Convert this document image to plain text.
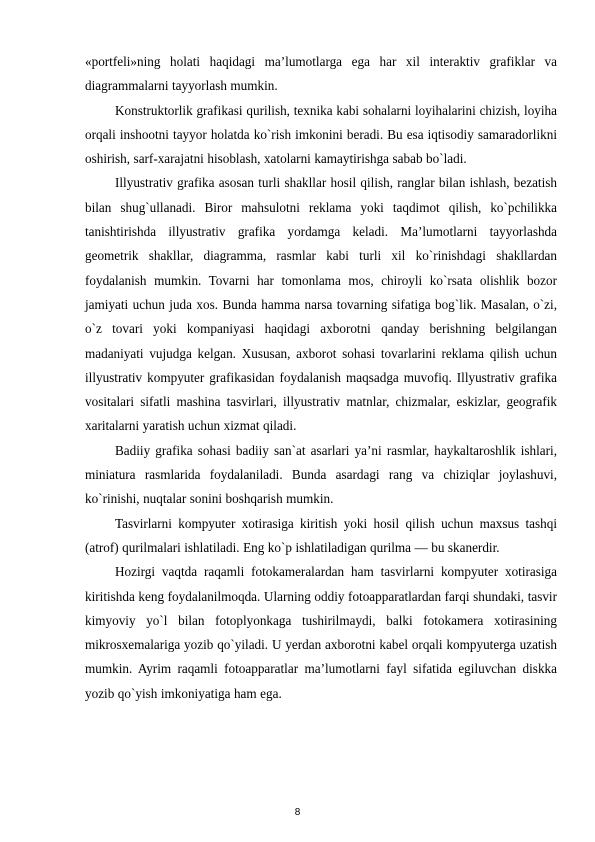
«portfeli»ning holati haqidagi ma’lumotlarga ega har xil interaktiv grafiklar va diagrammalarni tayyorlash mumkin.

Konstruktorlik grafikasi qurilish, texnika kabi sohalarni loyihalarini chizish, loyiha orqali inshootni tayyor holatda ko`rish imkonini beradi. Bu esa iqtisodiy samaradorlikni oshirish, sarf-xarajatni hisoblash, xatolarni kamaytirishga sabab bo`ladi.

Illyustrativ grafika asosan turli shakllar hosil qilish, ranglar bilan ishlash, bezatish bilan shug`ullanadi. Biror mahsulotni reklama yoki taqdimot qilish, ko`pchilikka tanishtirishda illyustrativ grafika yordamga keladi. Ma’lumotlarni tayyorlashda geometrik shakllar, diagramma, rasmlar kabi turli xil ko`rinishdagi shakllardan foydalanish mumkin. Tovarni har tomonlama mos, chiroyli ko`rsata olishlik bozor jamiyati uchun juda xos. Bunda hamma narsa tovarning sifatiga bog`lik. Masalan, o`zi, o`z tovari yoki kompaniyasi haqidagi axborotni qanday berishning belgilangan madaniyati vujudga kelgan. Xususan, axborot sohasi tovarlarini reklama qilish uchun illyustrativ kompyuter grafikasidan foydalanish maqsadga muvofiq. Illyustrativ grafika vositalari sifatli mashina tasvirlari, illyustrativ matnlar, chizmalar, eskizlar, geografik xaritalarni yaratish uchun xizmat qiladi.

Badiiy grafika sohasi badiiy san`at asarlari ya’ni rasmlar, haykaltaroshlik ishlari, miniatura rasmlarida foydalaniladi. Bunda asardagi rang va chiziqlar joylashuvi, ko`rinishi, nuqtalar sonini boshqarish mumkin.

Tasvirlarni kompyuter xotirasiga kiritish yoki hosil qilish uchun maxsus tashqi (atrof) qurilmalari ishlatiladi. Eng ko`p ishlatiladigan qurilma — bu skanerdir.

Hozirgi vaqtda raqamli fotokameralardan ham tasvirlarni kompyuter xotirasiga kiritishda keng foydalanilmoqda. Ularning oddiy fotoapparatlardan farqi shundaki, tasvir kimyoviy yo`l bilan fotoplyonkaga tushirilmaydi, balki fotokamera xotirasining mikrosxemalariga yozib qo`yiladi. U yerdan axborotni kabel orqali kompyuterga uzatish mumkin. Ayrim raqamli fotoapparatlar ma’lumotlarni fayl sifatida egiluvchan diskka yozib qo`yish imkoniyatiga ham ega.

8
